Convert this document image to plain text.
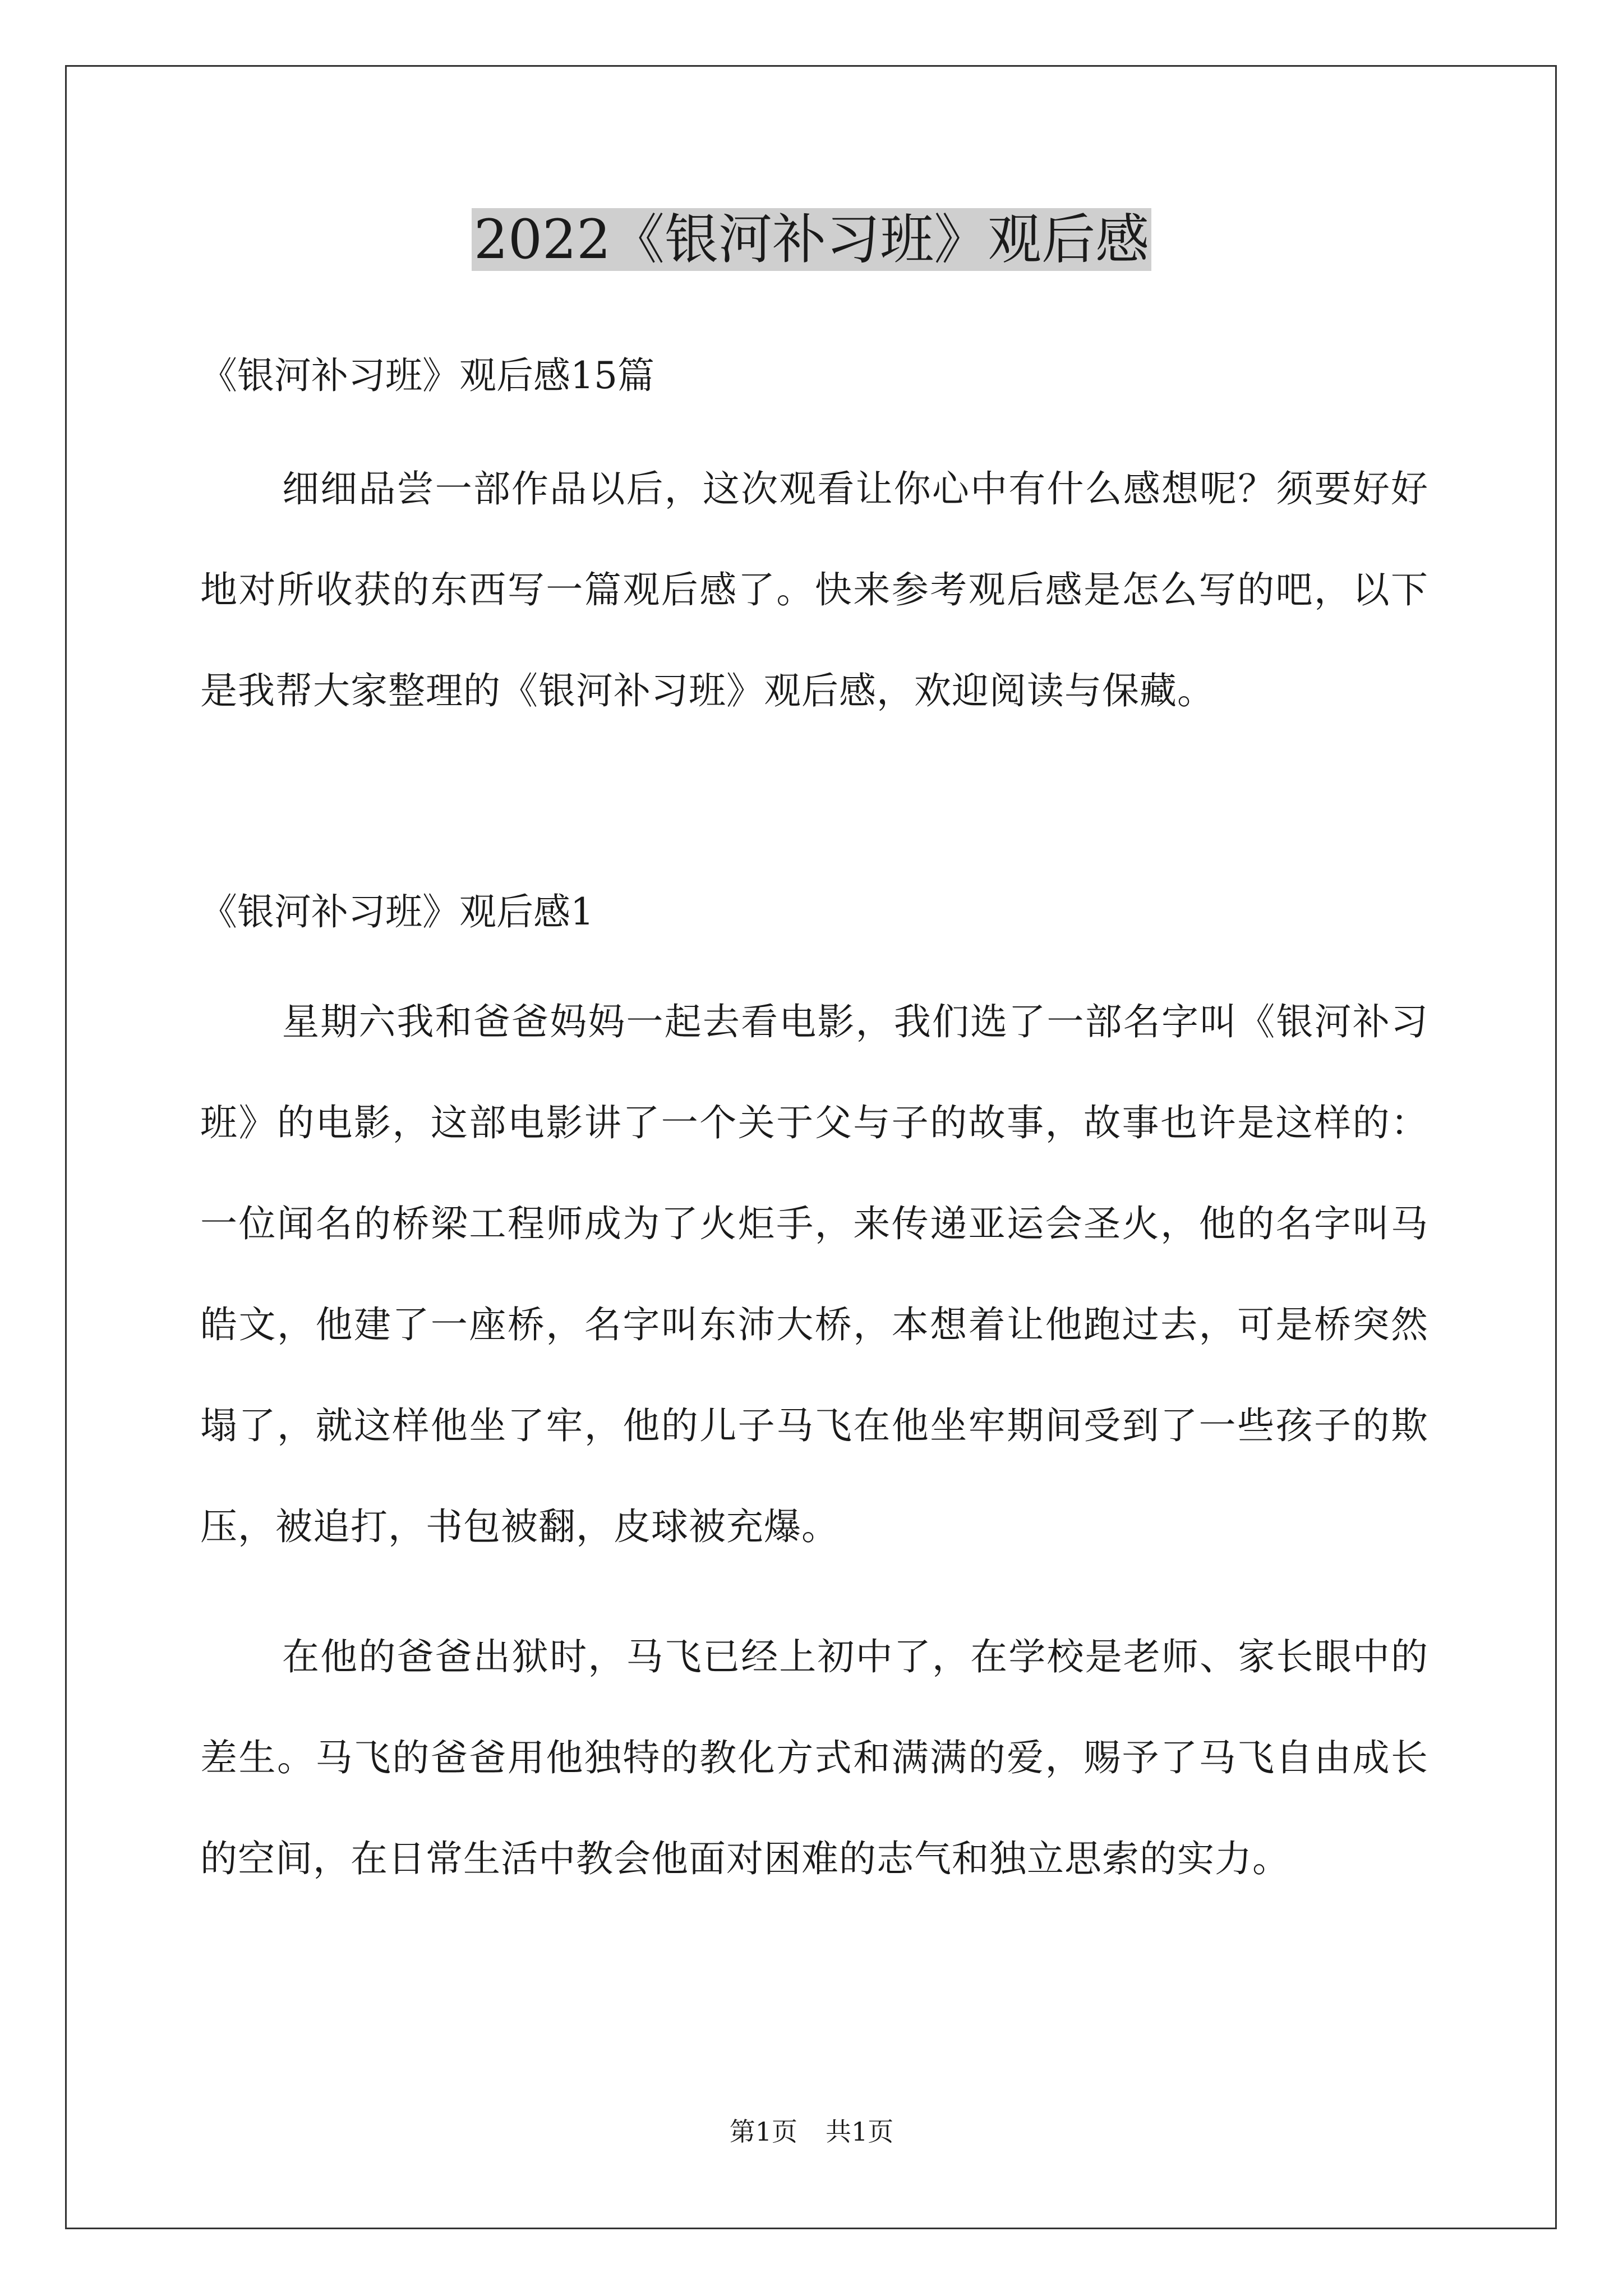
2022《银河补习班》观后感
《银河补习班》观后感15篇

细细品尝一部作品以后，这次观看让你心中有什么感想呢？须要好好地对所收获的东西写一篇观后感了。快来参考观后感是怎么写的吧，以下是我帮大家整理的《银河补习班》观后感，欢迎阅读与保藏。

《银河补习班》观后感1

星期六我和爸爸妈妈一起去看电影，我们选了一部名字叫《银河补习班》的电影，这部电影讲了一个关于父与子的故事，故事也许是这样的：一位闻名的桥梁工程师成为了火炬手，来传递亚运会圣火，他的名字叫马皓文，他建了一座桥，名字叫东沛大桥，本想着让他跑过去，可是桥突然塌了，就这样他坐了牢，他的儿子马飞在他坐牢期间受到了一些孩子的欺压，被追打，书包被翻，皮球被充爆。

在他的爸爸出狱时，马飞已经上初中了，在学校是老师、家长眼中的差生。马飞的爸爸用他独特的教化方式和满满的爱，赐予了马飞自由成长的空间，在日常生活中教会他面对困难的志气和独立思索的实力。

第1页 共1页
